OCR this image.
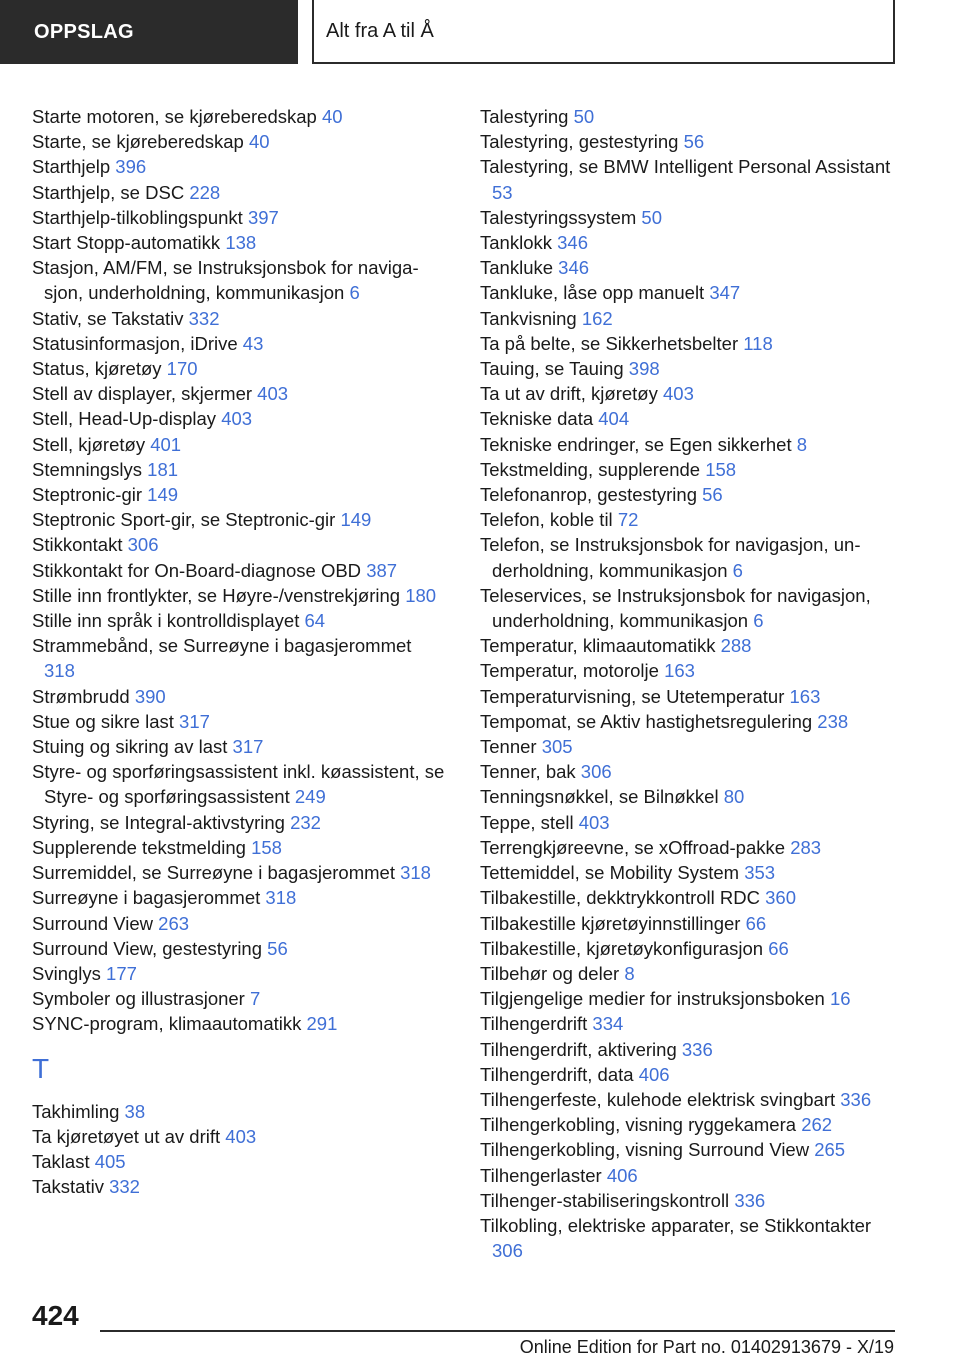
OPPSLAG	Alt fra A til Å
Starte motoren, se kjøreberedskap 40
Starte, se kjøreberedskap 40
Starthjelp 396
Starthjelp, se DSC 228
Starthjelp-tilkoblingspunkt 397
Start Stopp-automatikk 138
Stasjon, AM/FM, se Instruksjonsbok for navigasjon, underholdning, kommunikasjon 6
Stativ, se Takstativ 332
Statusinformasjon, iDrive 43
Status, kjøretøy 170
Stell av displayer, skjermer 403
Stell, Head-Up-display 403
Stell, kjøretøy 401
Stemningslys 181
Steptronic-gir 149
Steptronic Sport-gir, se Steptronic-gir 149
Stikkontakt 306
Stikkontakt for On-Board-diagnose OBD 387
Stille inn frontlykter, se Høyre-/venstrekjøring 180
Stille inn språk i kontrolldisplayet 64
Strammebånd, se Surreøyne i bagasjerommet 318
Strømbrudd 390
Stue og sikre last 317
Stuing og sikring av last 317
Styre- og sporføringsassistent inkl. køassistent, se Styre- og sporføringsassistent 249
Styring, se Integral-aktivstyring 232
Supplerende tekstmelding 158
Surremiddel, se Surreøyne i bagasjerommet 318
Surreøyne i bagasjerommet 318
Surround View 263
Surround View, gestestyring 56
Svinglys 177
Symboler og illustrasjoner 7
SYNC-program, klimaautomatikk 291
T
Takhimling 38
Ta kjøretøyet ut av drift 403
Taklast 405
Takstativ 332
Talestyring 50
Talestyring, gestestyring 56
Talestyring, se BMW Intelligent Personal Assistant 53
Talestyringssystem 50
Tanklokk 346
Tankluke 346
Tankluke, låse opp manuelt 347
Tankvisning 162
Ta på belte, se Sikkerhetsbelter 118
Tauing, se Tauing 398
Ta ut av drift, kjøretøy 403
Tekniske data 404
Tekniske endringer, se Egen sikkerhet 8
Tekstmelding, supplerende 158
Telefonanrop, gestestyring 56
Telefon, koble til 72
Telefon, se Instruksjonsbok for navigasjon, underholdning, kommunikasjon 6
Teleservices, se Instruksjonsbok for navigasjon, underholdning, kommunikasjon 6
Temperatur, klimaautomatikk 288
Temperatur, motorolje 163
Temperaturvisning, se Utetemperatur 163
Tempomat, se Aktiv hastighetsregulering 238
Tenner 305
Tenner, bak 306
Tenningsnøkkel, se Bilnøkkel 80
Teppe, stell 403
Terrengkjøreevne, se xOffroad-pakke 283
Tettemiddel, se Mobility System 353
Tilbakestille, dekktrykkontroll RDC 360
Tilbakestille kjøretøyinnstillinger 66
Tilbakestille, kjøretøykonfigurasjon 66
Tilbehør og deler 8
Tilgjengelige medier for instruksjonsboken 16
Tilhengerdrift 334
Tilhengerdrift, aktivering 336
Tilhengerdrift, data 406
Tilhengerfeste, kulehode elektrisk svingbart 336
Tilhengerkobling, visning ryggekamera 262
Tilhengerkobling, visning Surround View 265
Tilhengerlaster 406
Tilhenger-stabiliseringskontroll 336
Tilkobling, elektriske apparater, se Stikkontakter 306
424
Online Edition for Part no. 01402913679 - X/19
